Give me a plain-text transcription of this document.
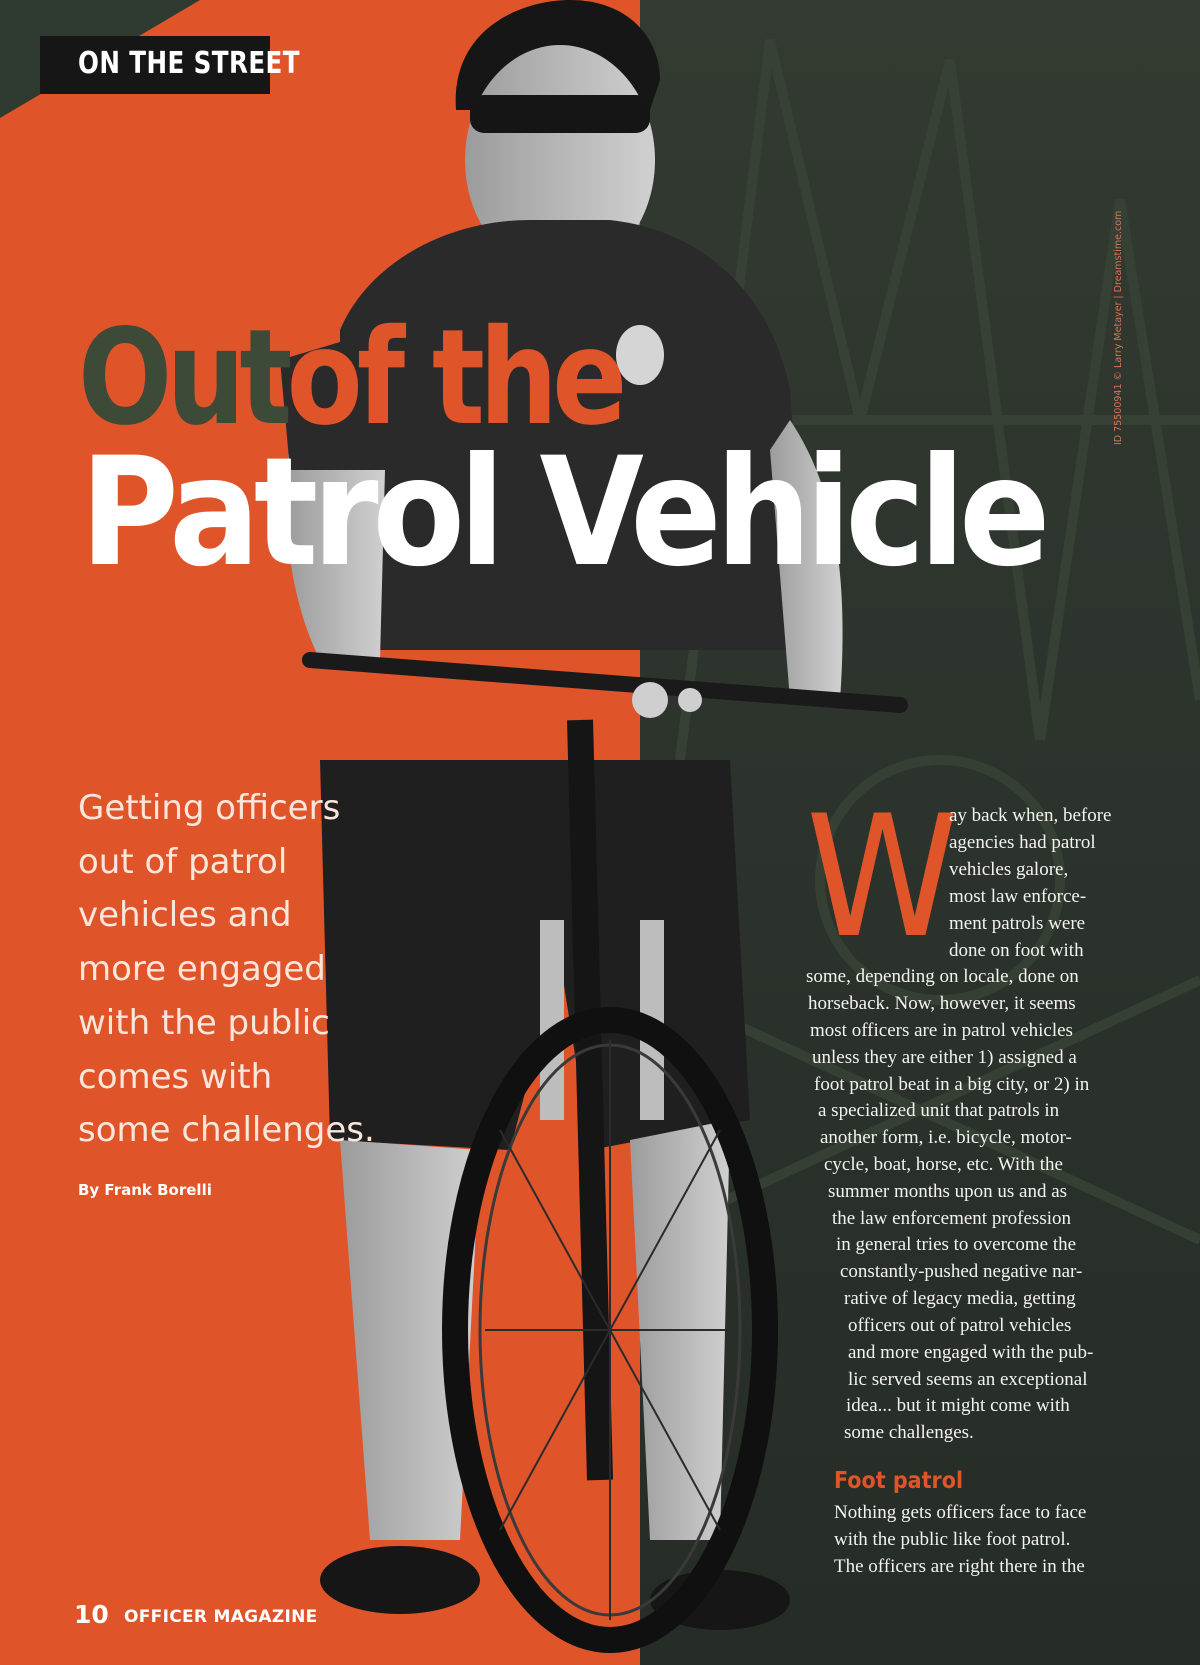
ON THE STREET
Outof the
Patrol Vehicle
ID 75500941 © Larry Metayer | Dreamstime.com
Getting officers
out of patrol
vehicles and
more engaged
with the public
comes with
some challenges.
By Frank Borelli
W
ay back when, before
agencies had patrol
vehicles galore,
most law enforce-
ment patrols were
done on foot with
some, depending on locale, done on
horseback. Now, however, it seems
most officers are in patrol vehicles
unless they are either 1) assigned a
foot patrol beat in a big city, or 2) in
a specialized unit that patrols in
another form, i.e. bicycle, motor-
cycle, boat, horse, etc. With the
summer months upon us and as
the law enforcement profession
in general tries to overcome the
constantly-pushed negative nar-
rative of legacy media, getting
officers out of patrol vehicles
and more engaged with the pub-
lic served seems an exceptional
idea... but it might come with
some challenges.
Foot patrol
Nothing gets officers face to face
with the public like foot patrol.
The officers are right there in the
10 OFFICER MAGAZINE
